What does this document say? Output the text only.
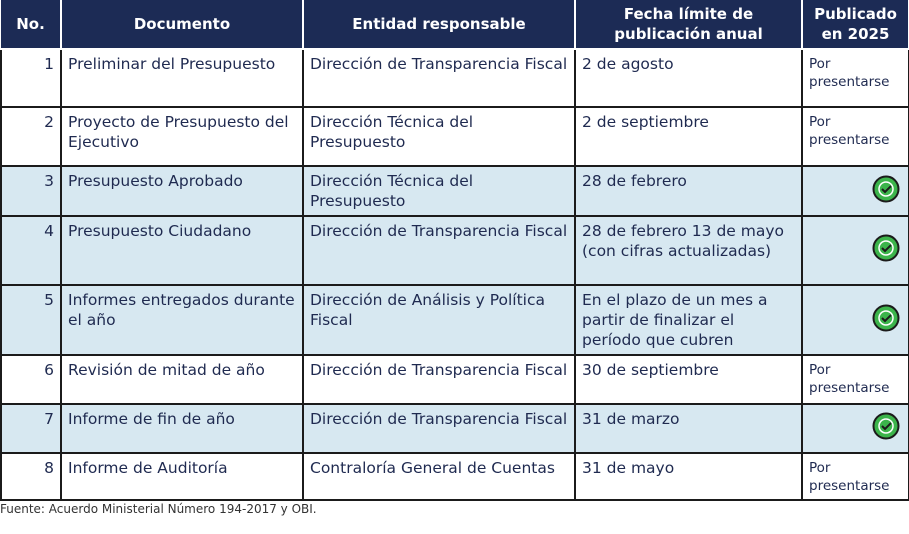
No.	Documento	Entidad responsable	Fecha límite de publicación anual	Publicado en 2025
1	Preliminar del Presupuesto	Dirección de Transparencia Fiscal	2 de agosto	Por presentarse
2	Proyecto de Presupuesto del Ejecutivo	Dirección Técnica del Presupuesto	2 de septiembre	Por presentarse
3	Presupuesto Aprobado	Dirección Técnica del Presupuesto	28 de febrero	
4	Presupuesto Ciudadano	Dirección de Transparencia Fiscal	28 de febrero 13 de mayo (con cifras actualizadas)	
5	Informes entregados durante el año	Dirección de Análisis y Política Fiscal	En el plazo de un mes a partir de finalizar el período que cubren	
6	Revisión de mitad de año	Dirección de Transparencia Fiscal	30 de septiembre	Por presentarse
7	Informe de fin de año	Dirección de Transparencia Fiscal	31 de marzo	
8	Informe de Auditoría	Contraloría General de Cuentas	31 de mayo	Por presentarse
Fuente: Acuerdo Ministerial Número 194-2017 y OBI.
